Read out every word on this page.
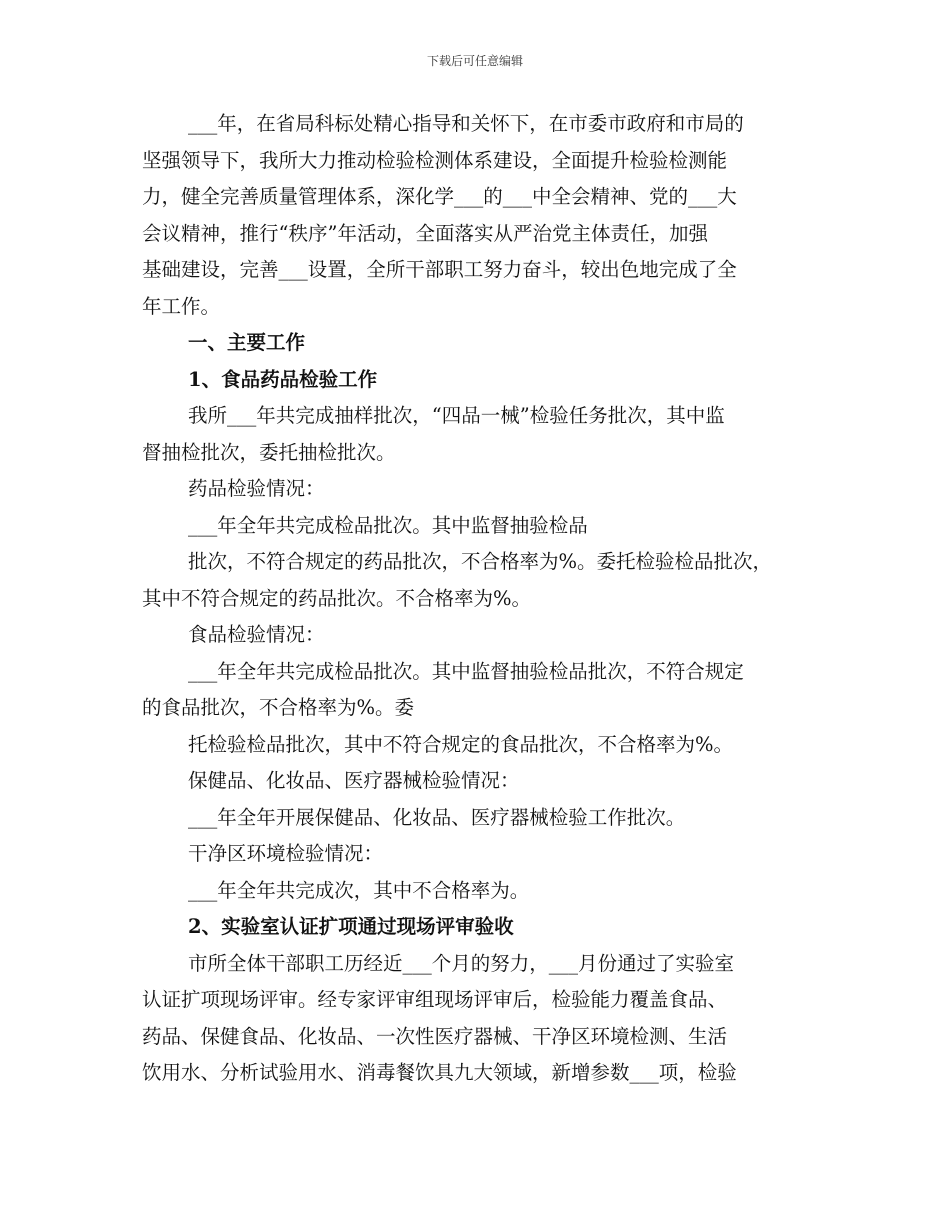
下载后可任意编辑
___年，在省局科标处精心指导和关怀下，在市委市政府和市局的
坚强领导下，我所大力推动检验检测体系建设，全面提升检验检测能
力，健全完善质量管理体系，深化学___的___中全会精神、党的___大
会议精神，推行“秩序”年活动，全面落实从严治党主体责任，加强
基础建设，完善___设置，全所干部职工努力奋斗，较出色地完成了全
年工作。
一、主要工作
1、食品药品检验工作
我所___年共完成抽样批次，“四品一械”检验任务批次，其中监
督抽检批次，委托抽检批次。
药品检验情况：
___年全年共完成检品批次。其中监督抽验检品
批次，不符合规定的药品批次，不合格率为%。委托检验检品批次，
其中不符合规定的药品批次。不合格率为%。
食品检验情况：
___年全年共完成检品批次。其中监督抽验检品批次，不符合规定
的食品批次，不合格率为%。委
托检验检品批次，其中不符合规定的食品批次，不合格率为%。
保健品、化妆品、医疗器械检验情况：
___年全年开展保健品、化妆品、医疗器械检验工作批次。
干净区环境检验情况：
___年全年共完成次，其中不合格率为。
2、实验室认证扩项通过现场评审验收
市所全体干部职工历经近___个月的努力，___月份通过了实验室
认证扩项现场评审。经专家评审组现场评审后，检验能力覆盖食品、
药品、保健食品、化妆品、一次性医疗器械、干净区环境检测、生活
饮用水、分析试验用水、消毒餐饮具九大领域，新增参数___项，检验
